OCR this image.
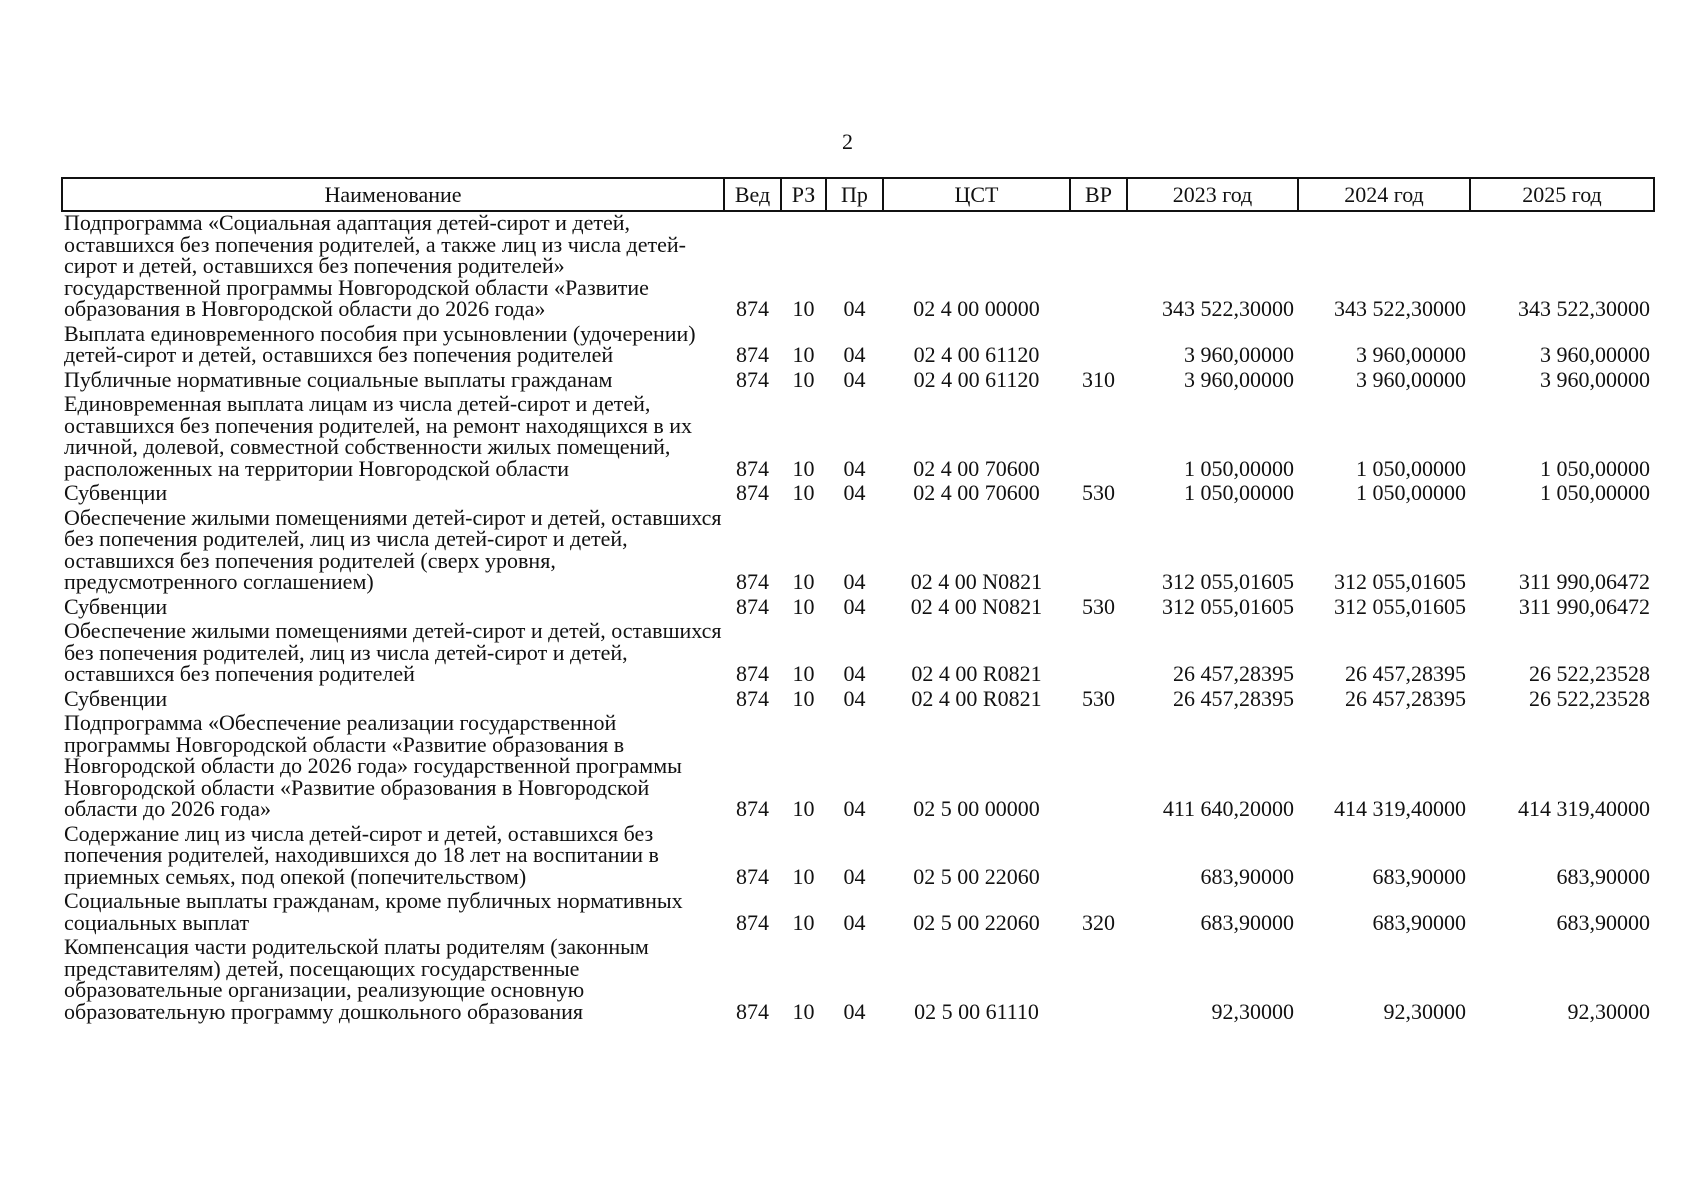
2
Наименование	Вед	РЗ	Пр	ЦСТ	ВР	2023 год	2024 год	2025 год
Подпрограмма «Социальная адаптация детей-сирот и детей, оставшихся без попечения родителей, а также лиц из числа детей-сирот и детей, оставшихся без попечения родителей» государственной программы Новгородской области «Развитие образования в Новгородской области до 2026 года»	874	10	04	02 4 00 00000		343 522,30000	343 522,30000	343 522,30000
Выплата единовременного пособия при усыновлении (удочерении) детей-сирот и детей, оставшихся без попечения родителей	874	10	04	02 4 00 61120		3 960,00000	3 960,00000	3 960,00000
Публичные нормативные социальные выплаты гражданам	874	10	04	02 4 00 61120	310	3 960,00000	3 960,00000	3 960,00000
Единовременная выплата лицам из числа детей-сирот и детей, оставшихся без попечения родителей, на ремонт находящихся в их личной, долевой, совместной собственности жилых помещений, расположенных на территории Новгородской области	874	10	04	02 4 00 70600		1 050,00000	1 050,00000	1 050,00000
Субвенции	874	10	04	02 4 00 70600	530	1 050,00000	1 050,00000	1 050,00000
Обеспечение жилыми помещениями детей-сирот и детей, оставшихся без попечения родителей, лиц из числа детей-сирот и детей, оставшихся без попечения родителей (сверх уровня, предусмотренного соглашением)	874	10	04	02 4 00 N0821		312 055,01605	312 055,01605	311 990,06472
Субвенции	874	10	04	02 4 00 N0821	530	312 055,01605	312 055,01605	311 990,06472
Обеспечение жилыми помещениями детей-сирот и детей, оставшихся без попечения родителей, лиц из числа детей-сирот и детей, оставшихся без попечения родителей	874	10	04	02 4 00 R0821		26 457,28395	26 457,28395	26 522,23528
Субвенции	874	10	04	02 4 00 R0821	530	26 457,28395	26 457,28395	26 522,23528
Подпрограмма «Обеспечение реализации государственной программы Новгородской области «Развитие образования в Новгородской области до 2026 года» государственной программы Новгородской области «Развитие образования в Новгородской области до 2026 года»	874	10	04	02 5 00 00000		411 640,20000	414 319,40000	414 319,40000
Содержание лиц из числа детей-сирот и детей, оставшихся без попечения родителей, находившихся до 18 лет на воспитании в приемных семьях, под опекой (попечительством)	874	10	04	02 5 00 22060		683,90000	683,90000	683,90000
Социальные выплаты гражданам, кроме публичных нормативных социальных выплат	874	10	04	02 5 00 22060	320	683,90000	683,90000	683,90000
Компенсация части родительской платы родителям (законным представителям) детей, посещающих государственные образовательные организации, реализующие основную образовательную программу дошкольного образования	874	10	04	02 5 00 61110		92,30000	92,30000	92,30000
